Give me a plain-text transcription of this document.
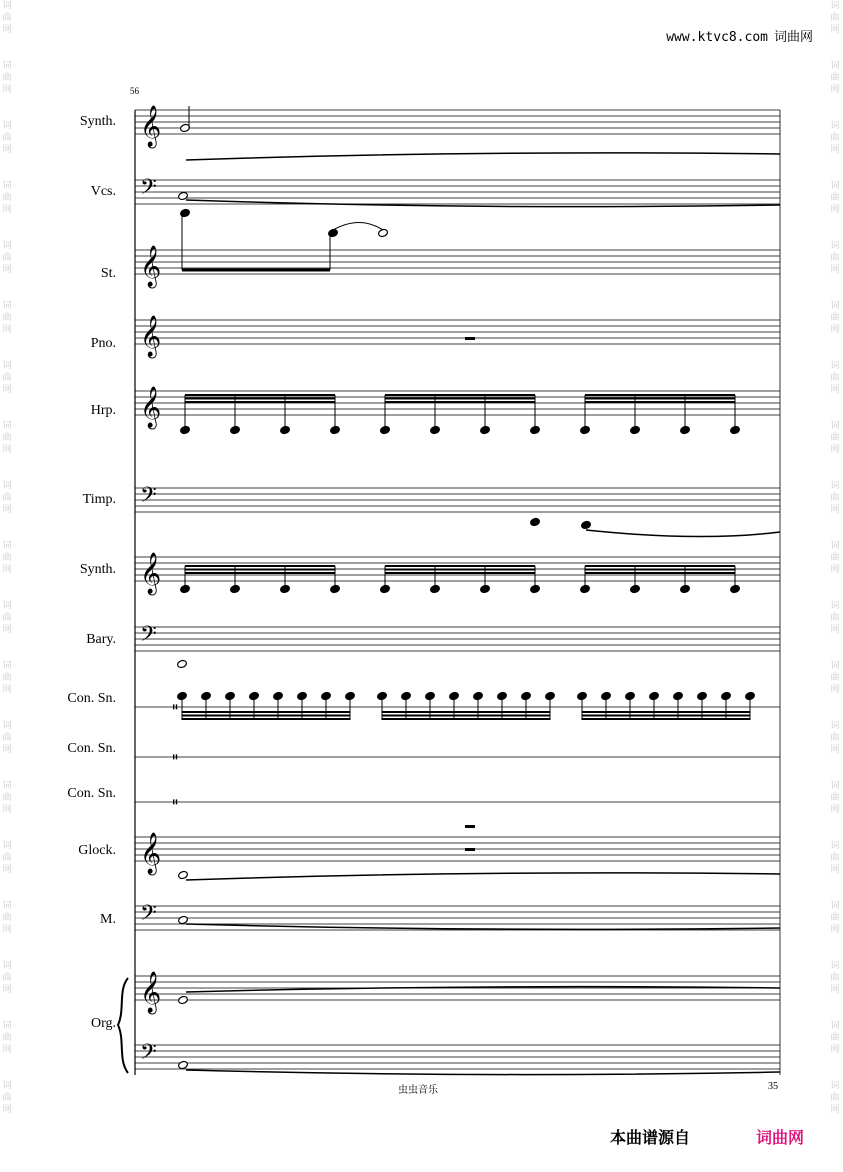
词
曲
网
词
曲
网
词
曲
网
词
曲
网
词
曲
网
词
曲
网
词
曲
网
词
曲
网
词
曲
网
词
曲
网
词
曲
网
词
曲
网
词
曲
网
词
曲
网
词
曲
网
词
曲
网
词
曲
网
词
曲
网
词
曲
网
词
曲
网
词
曲
网
词
曲
网
词
曲
网
词
曲
网
词
曲
网
词
曲
网
词
曲
网
词
曲
网
词
曲
网
词
曲
网
词
曲
网
词
曲
网
词
曲
网
词
曲
网
词
曲
网
词
曲
网
词
曲
网
词
曲
网
www.ktvc8.com 词曲网
56
Synth.
Vcs.
St.
Pno.
Hrp.
Timp.
Synth.
Bary.
Con. Sn.
Con. Sn.
Con. Sn.
Glock.
M.
Org.
𝄥
𝄥
𝄥
𝄞
𝄢
𝄞
𝄞
𝄞
𝄢
𝄞
𝄢
𝄞
𝄢
𝄞
𝄢
虫虫音乐	35
本曲谱源自	词曲网
